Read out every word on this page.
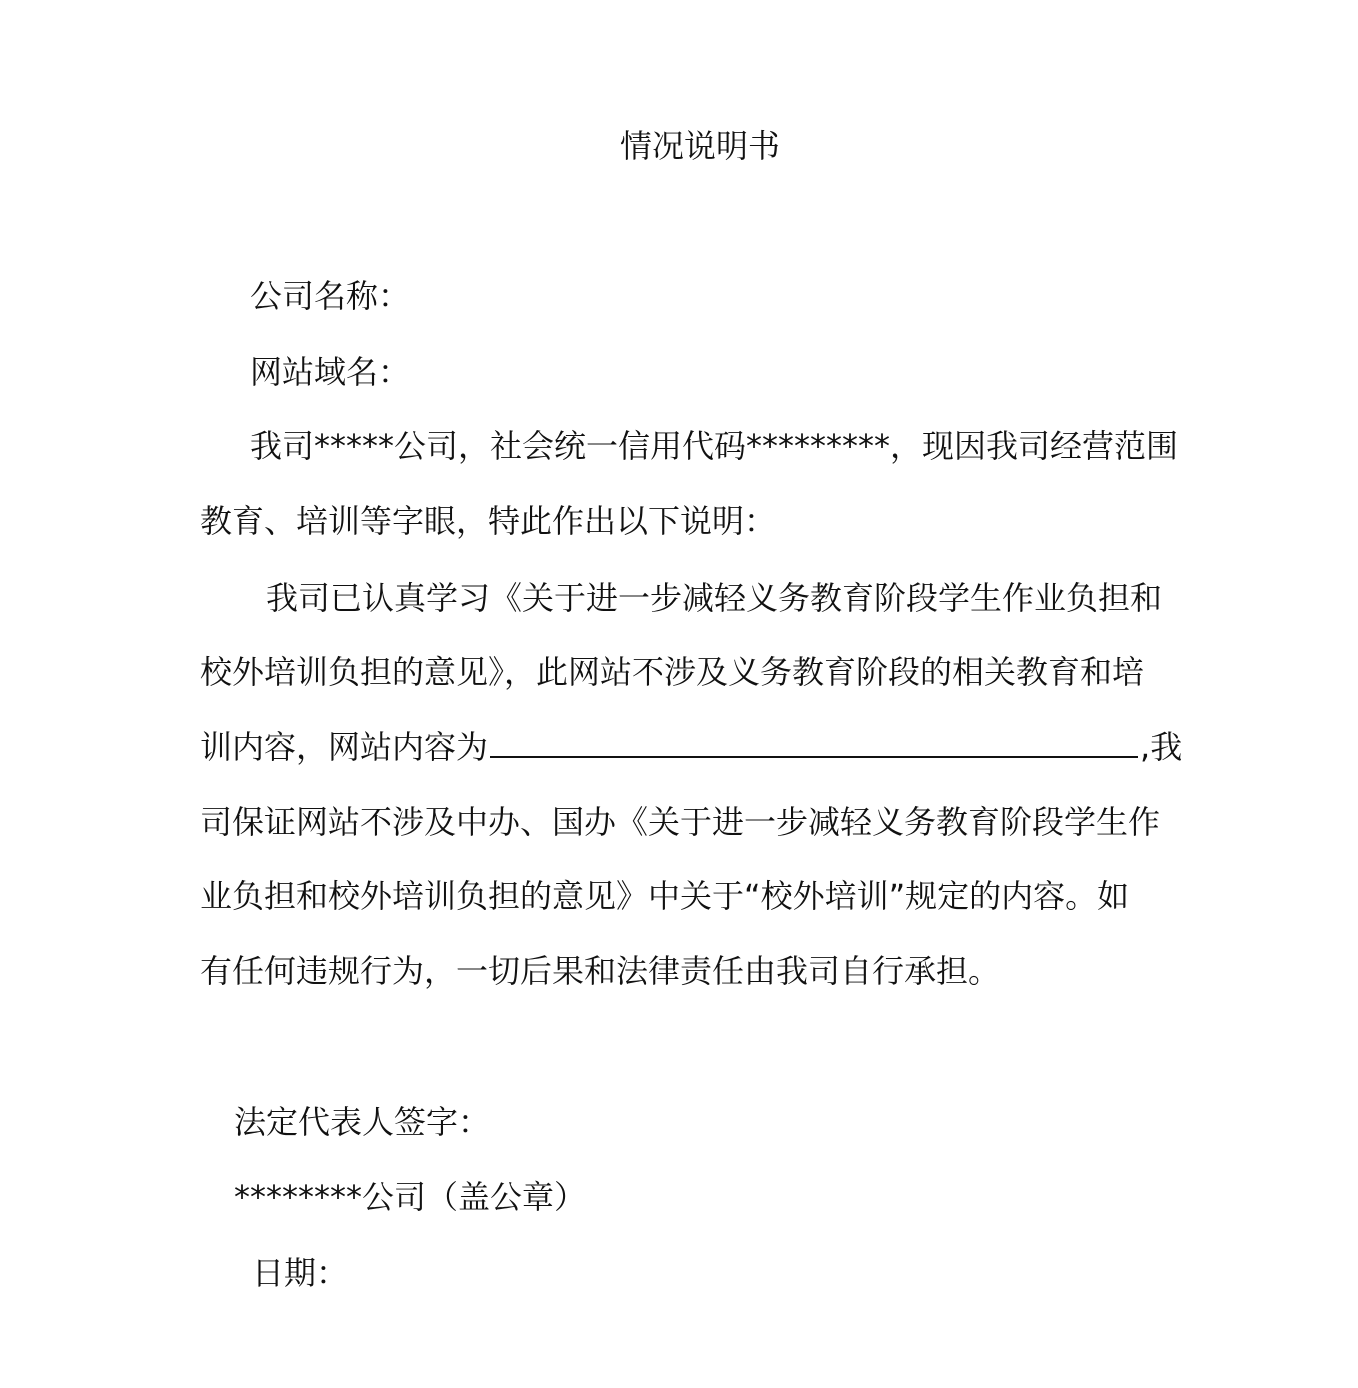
情况说明书
公司名称：
网站域名：
我司*****公司，社会统一信用代码*********，现因我司经营范围
教育、培训等字眼，特此作出以下说明：
我司已认真学习《关于进一步减轻义务教育阶段学生作业负担和
校外培训负担的意见》，此网站不涉及义务教育阶段的相关教育和培
训内容，网站内容为	,我
司保证网站不涉及中办、国办《关于进一步减轻义务教育阶段学生作
业负担和校外培训负担的意见》中关于“校外培训”规定的内容。如
有任何违规行为，一切后果和法律责任由我司自行承担。
法定代表人签字：
********公司（盖公章）
日期：
